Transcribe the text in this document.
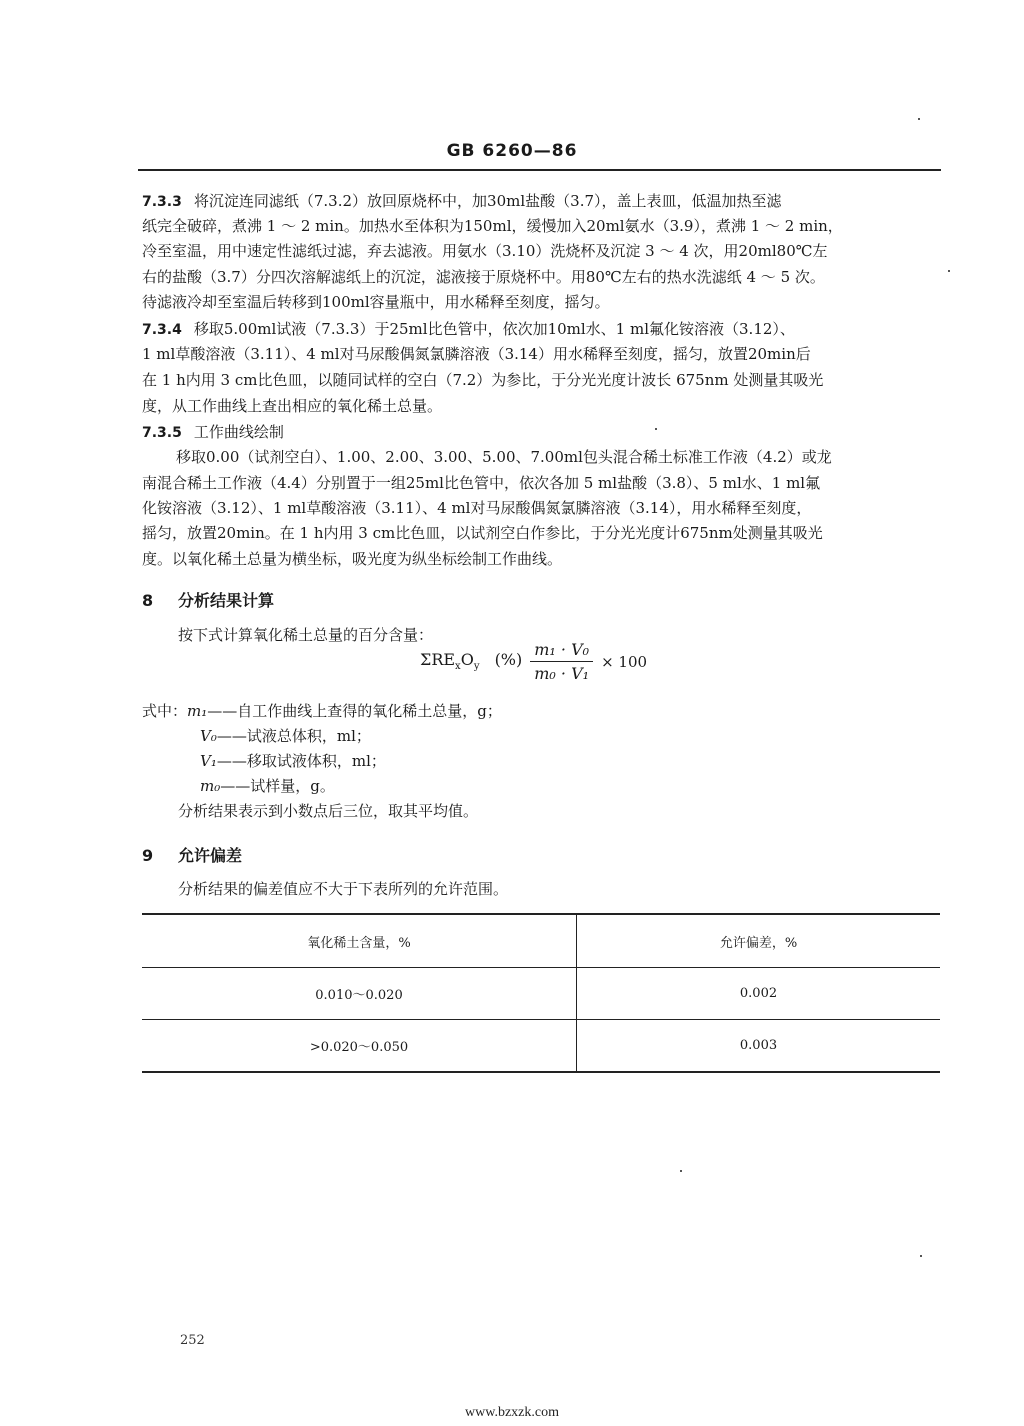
GB 6260—86
7.3.3 将沉淀连同滤纸（7.3.2）放回原烧杯中，加30ml盐酸（3.7），盖上表皿，低温加热至滤
纸完全破碎，煮沸 1 ～ 2 min。加热水至体积为150ml，缓慢加入20ml氨水（3.9），煮沸 1 ～ 2 min，
冷至室温，用中速定性滤纸过滤，弃去滤液。用氨水（3.10）洗烧杯及沉淀 3 ～ 4 次，用20ml80℃左
右的盐酸（3.7）分四次溶解滤纸上的沉淀，滤液接于原烧杯中。用80℃左右的热水洗滤纸 4 ～ 5 次。
待滤液冷却至室温后转移到100ml容量瓶中，用水稀释至刻度，摇匀。
7.3.4 移取5.00ml试液（7.3.3）于25ml比色管中，依次加10ml水、1 ml氟化铵溶液（3.12）、
1 ml草酸溶液（3.11）、4 ml对马尿酸偶氮氯膦溶液（3.14）用水稀释至刻度，摇匀，放置20min后
在 1 h内用 3 cm比色皿，以随同试样的空白（7.2）为参比，于分光光度计波长 675nm 处测量其吸光
度，从工作曲线上查出相应的氧化稀土总量。
7.3.5 工作曲线绘制
移取0.00（试剂空白）、1.00、2.00、3.00、5.00、7.00ml包头混合稀土标准工作液（4.2）或龙
南混合稀土工作液（4.4）分别置于一组25ml比色管中，依次各加 5 ml盐酸（3.8）、5 ml水、1 ml氟
化铵溶液（3.12）、1 ml草酸溶液（3.11）、4 ml对马尿酸偶氮氯膦溶液（3.14），用水稀释至刻度，
摇匀，放置20min。在 1 h内用 3 cm比色皿，以试剂空白作参比，于分光光度计675nm处测量其吸光
度。以氧化稀土总量为横坐标，吸光度为纵坐标绘制工作曲线。
8 分析结果计算
按下式计算氧化稀土总量的百分含量：
$\Sigma RE_xO_y$ (%) $\frac{\text{m₁ · V₀}}{\text{m₀ · V₁}} \times 100$
式中：m₁——自工作曲线上查得的氧化稀土总量，g；
V₀——试液总体积，ml；
V₁——移取试液体积，ml；
m₀——试样量，g。
分析结果表示到小数点后三位，取其平均值。
9 允许偏差
分析结果的偏差值应不大于下表所列的允许范围。
氧化稀土含量，%	允许偏差，%
0.010～0.020	0.002
>0.020～0.050	0.003
252
www.bzxzk.com
